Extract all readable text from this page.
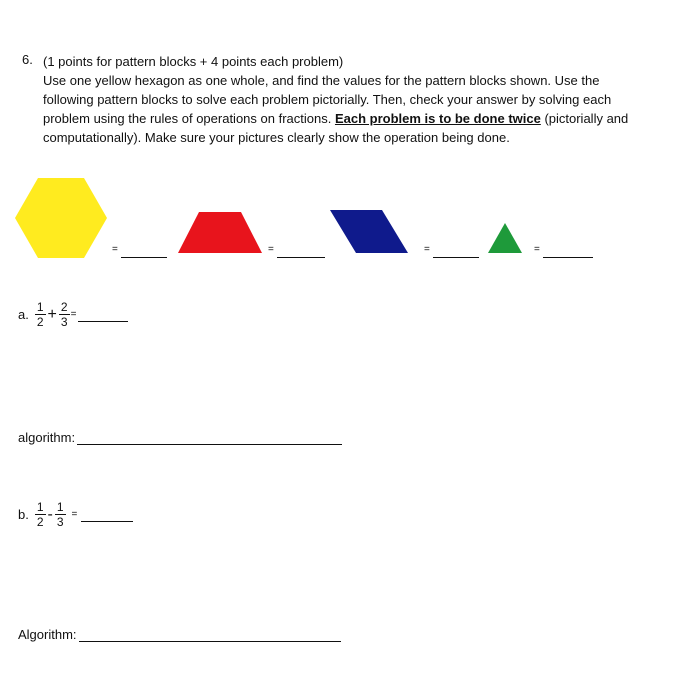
6. (1 points for pattern blocks + 4 points each problem)
Use one yellow hexagon as one whole, and find the values for the pattern blocks shown. Use the
following pattern blocks to solve each problem pictorially. Then, check your answer by solving each
problem using the rules of operations on fractions. Each problem is to be done twice (pictorially and
computationally). Make sure your pictures clearly show the operation being done.
=	=	=	=
a. $\frac{1}{2} + \frac{2}{3}$ =
algorithm:
b. $\frac{1}{2} - \frac{1}{3}$ =
Algorithm:
